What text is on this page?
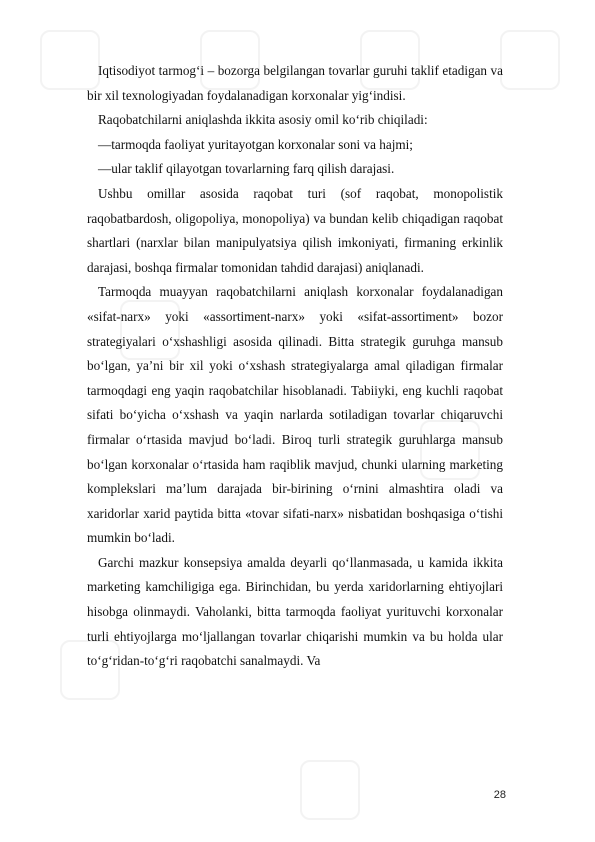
Iqtisodiyot tarmog‘i – bozorga belgilangan tovarlar guruhi taklif etadigan va bir xil texnologiyadan foydalanadigan korxonalar yig‘indisi.

Raqobatchilarni aniqlashda ikkita asosiy omil ko‘rib chiqiladi:

—tarmoqda faoliyat yuritayotgan korxonalar soni va hajmi;

—ular taklif qilayotgan tovarlarning farq qilish darajasi.

Ushbu omillar asosida raqobat turi (sof raqobat, monopolistik raqobatbardosh, oligopoliya, monopoliya) va bundan kelib chiqadigan raqobat shartlari (narxlar bilan manipulyatsiya qilish imkoniyati, firmaning erkinlik darajasi, boshqa firmalar tomonidan tahdid darajasi) aniqlanadi.

Tarmoqda muayyan raqobatchilarni aniqlash korxonalar foydalanadigan «sifat-narx» yoki «assortiment-narx» yoki «sifat-assortiment» bozor strategiyalari o‘xshashligi asosida qilinadi. Bitta strategik guruhga mansub bo‘lgan, ya’ni bir xil yoki o‘xshash strategiyalarga amal qiladigan firmalar tarmoqdagi eng yaqin raqobatchilar hisoblanadi. Tabiiyki, eng kuchli raqobat sifati bo‘yicha o‘xshash va yaqin narlarda sotiladigan tovarlar chiqaruvchi firmalar o‘rtasida mavjud bo‘ladi. Biroq turli strategik guruhlarga mansub bo‘lgan korxonalar o‘rtasida ham raqiblik mavjud, chunki ularning marketing komplekslari ma’lum darajada bir-birining o‘rnini almashtira oladi va xaridorlar xarid paytida bitta «tovar sifati-narx» nisbatidan boshqasiga o‘tishi mumkin bo‘ladi.

Garchi mazkur konsepsiya amalda deyarli qo‘llanmasada, u kamida ikkita marketing kamchiligiga ega. Birinchidan, bu yerda xaridorlarning ehtiyojlari hisobga olinmaydi. Vaholanki, bitta tarmoqda faoliyat yurituvchi korxonalar turli ehtiyojlarga mo‘ljallangan tovarlar chiqarishi mumkin va bu holda ular to‘g‘ridan-to‘g‘ri raqobatchi sanalmaydi. Va

28
